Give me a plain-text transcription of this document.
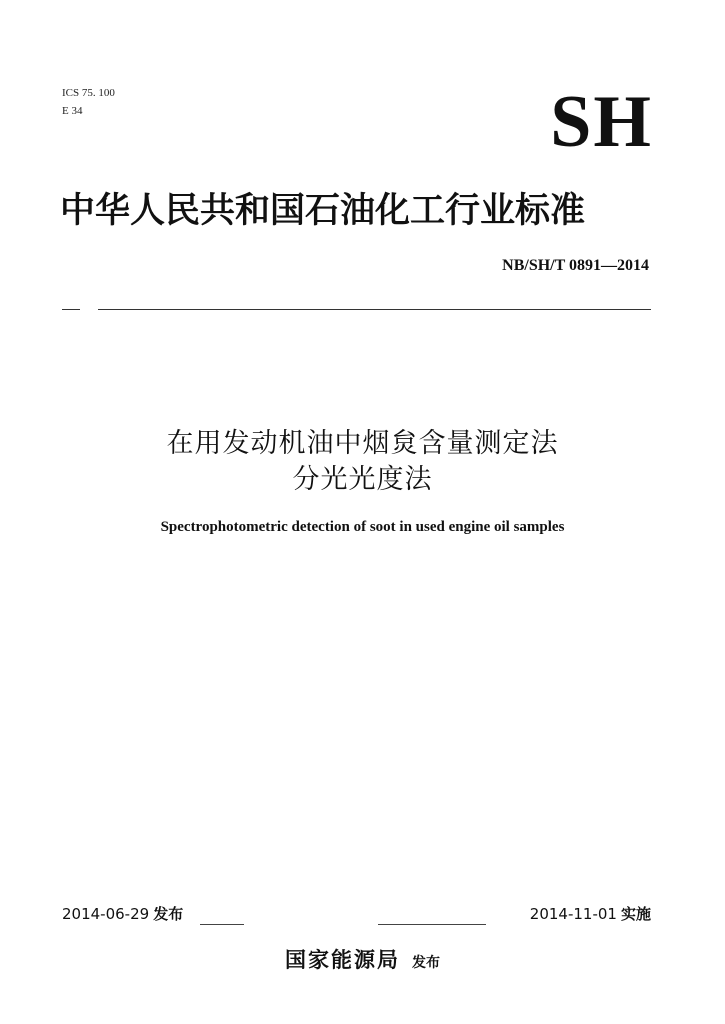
ICS 75. 100
E 34	SH
中华人民共和国石油化工行业标准
NB/SH/T 0891—2014
在用发动机油中烟炱含量测定法
分光光度法
Spectrophotometric detection of soot in used engine oil samples
2014-06-29 发布	2014-11-01 实施
国家能源局 发布
